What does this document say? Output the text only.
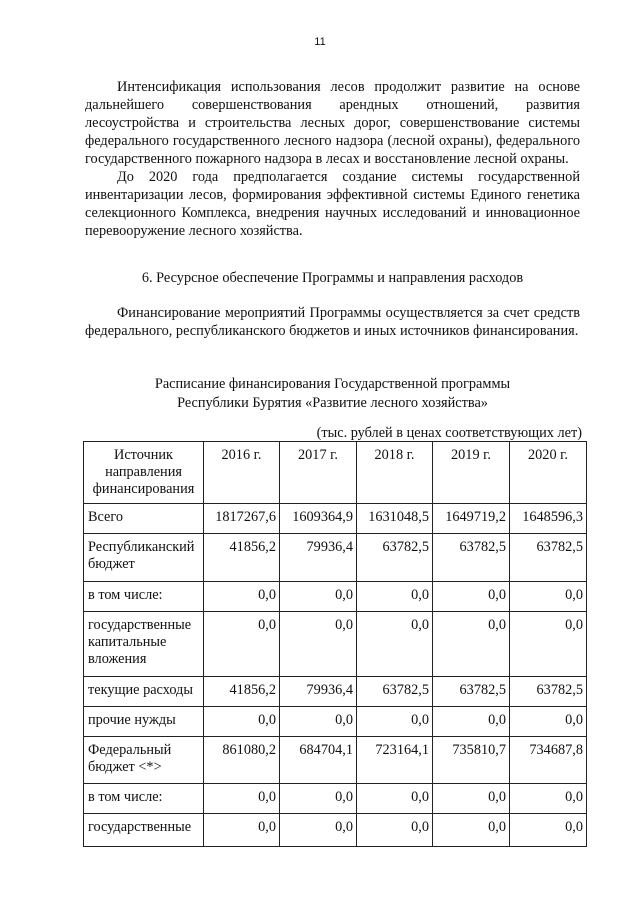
11

Интенсификация использования лесов продолжит развитие на основе дальнейшего совершенствования арендных отношений, развития лесоустройства и строительства лесных дорог, совершенствование системы федерального государственного лесного надзора (лесной охраны), федерального государственного пожарного надзора в лесах и восстановление лесной охраны.

До 2020 года предполагается создание системы государственной инвентаризации лесов, формирования эффективной системы Единого генетика селекционного Комплекса, внедрения научных исследований и инновационное перевооружение лесного хозяйства.

6. Ресурсное обеспечение Программы и направления расходов

Финансирование мероприятий Программы осуществляется за счет средств федерального, республиканского бюджетов и иных источников финансирования.

Расписание финансирования Государственной программы
Республики Бурятия «Развитие лесного хозяйства»
(тыс. рублей в ценах соответствующих лет)
Источник направления финансирования	2016 г.	2017 г.	2018 г.	2019 г.	2020 г.
Всего	1817267,6	1609364,9	1631048,5	1649719,2	1648596,3
Республиканский бюджет	41856,2	79936,4	63782,5	63782,5	63782,5
в том числе:	0,0	0,0	0,0	0,0	0,0
государственные капитальные вложения	0,0	0,0	0,0	0,0	0,0
текущие расходы	41856,2	79936,4	63782,5	63782,5	63782,5
прочие нужды	0,0	0,0	0,0	0,0	0,0
Федеральный бюджет <*>	861080,2	684704,1	723164,1	735810,7	734687,8
в том числе:	0,0	0,0	0,0	0,0	0,0
государственные	0,0	0,0	0,0	0,0	0,0
